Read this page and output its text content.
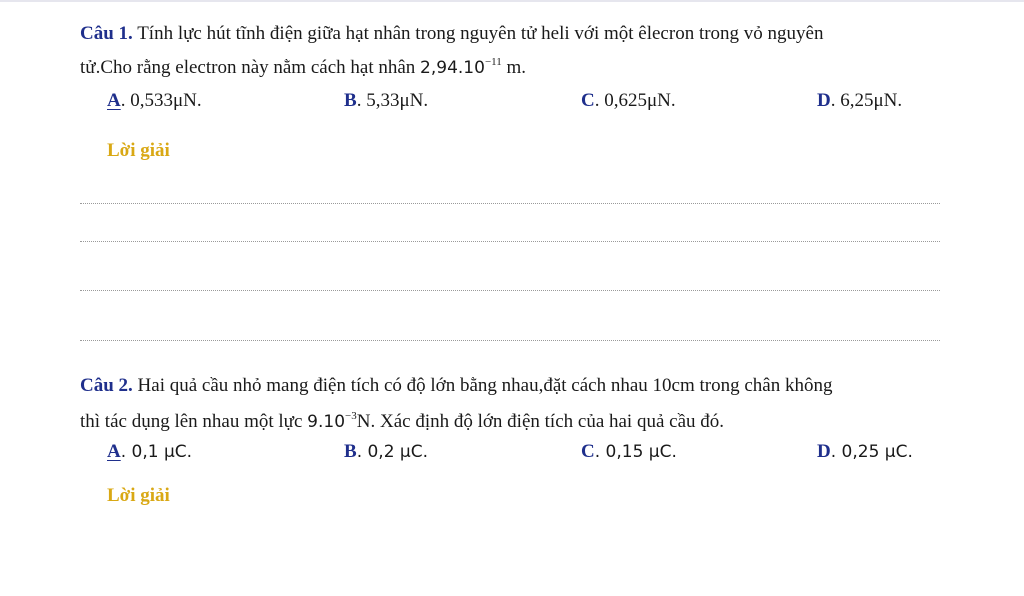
Câu 1. Tính lực hút tĩnh điện giữa hạt nhân trong nguyên tử heli với một êlecron trong vỏ nguyên
tử.Cho rằng electron này nằm cách hạt nhân $2,94.10^{-11}$ m.
A. 0,533μN.	B. 5,33μN.	C. 0,625μN.	D. 6,25μN.
Lời giải
Câu 2. Hai quả cầu nhỏ mang điện tích có độ lớn bằng nhau,đặt cách nhau 10cm trong chân không
thì tác dụng lên nhau một lực $9.10^{-3}N$. Xác định độ lớn điện tích của hai quả cầu đó.
A. 0,1 μC.	B. 0,2 μC.	C. 0,15 μC.	D. 0,25 μC.
Lời giải
